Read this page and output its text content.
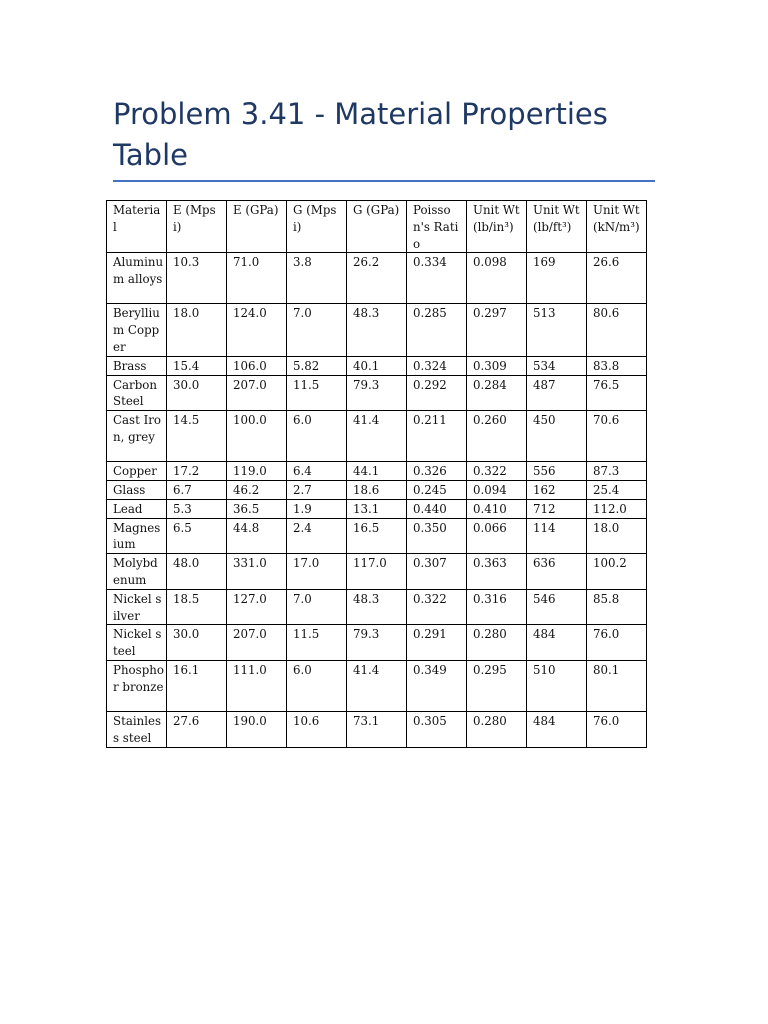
Problem 3.41 - Material Properties Table
Material	E (Mpsi)	E (GPa)	G (Mpsi)	G (GPa)	Poisson's Ratio	Unit Wt (lb/in³)	Unit Wt (lb/ft³)	Unit Wt (kN/m³)
Aluminum alloys	10.3	71.0	3.8	26.2	0.334	0.098	169	26.6
Beryllium Copper	18.0	124.0	7.0	48.3	0.285	0.297	513	80.6
Brass	15.4	106.0	5.82	40.1	0.324	0.309	534	83.8
Carbon Steel	30.0	207.0	11.5	79.3	0.292	0.284	487	76.5
Cast Iron, grey	14.5	100.0	6.0	41.4	0.211	0.260	450	70.6
Copper	17.2	119.0	6.4	44.1	0.326	0.322	556	87.3
Glass	6.7	46.2	2.7	18.6	0.245	0.094	162	25.4
Lead	5.3	36.5	1.9	13.1	0.440	0.410	712	112.0
Magnesium	6.5	44.8	2.4	16.5	0.350	0.066	114	18.0
Molybdenum	48.0	331.0	17.0	117.0	0.307	0.363	636	100.2
Nickel silver	18.5	127.0	7.0	48.3	0.322	0.316	546	85.8
Nickel steel	30.0	207.0	11.5	79.3	0.291	0.280	484	76.0
Phosphor bronze	16.1	111.0	6.0	41.4	0.349	0.295	510	80.1
Stainless steel	27.6	190.0	10.6	73.1	0.305	0.280	484	76.0
